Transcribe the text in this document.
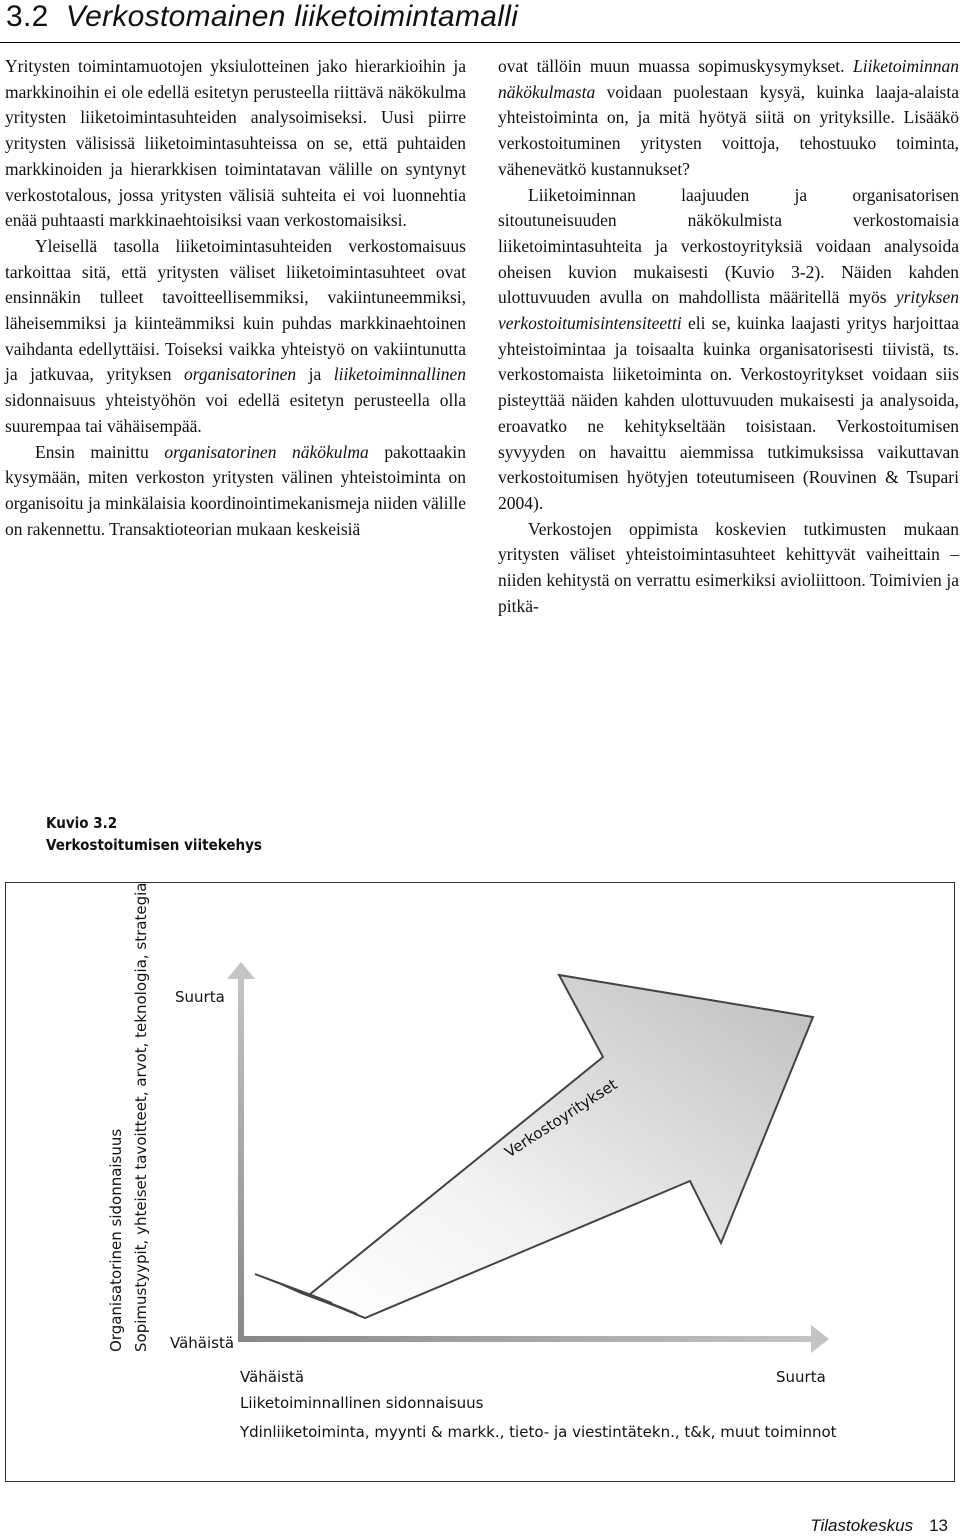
3.2 Verkostomainen liiketoimintamalli

Yritysten toimintamuotojen yksiulotteinen jako hierarkioihin ja markkinoihin ei ole edellä esitetyn perusteella riittävä näkökulma yritysten liiketoimintasuhteiden analysoimiseksi. Uusi piirre yritysten välisissä liiketoimintasuhteissa on se, että puhtaiden markkinoiden ja hierarkkisen toimintatavan välille on syntynyt verkostotalous, jossa yritysten välisiä suhteita ei voi luonnehtia enää puhtaasti markkinaehtoisiksi vaan verkostomaisiksi.

Yleisellä tasolla liiketoimintasuhteiden verkostomaisuus tarkoittaa sitä, että yritysten väliset liiketoimintasuhteet ovat ensinnäkin tulleet tavoitteellisemmiksi, vakiintuneemmiksi, läheisemmiksi ja kiinteämmiksi kuin puhdas markkinaehtoinen vaihdanta edellyttäisi. Toiseksi vaikka yhteistyö on vakiintunutta ja jatkuvaa, yrityksen organisatorinen ja liiketoiminnallinen sidonnaisuus yhteistyöhön voi edellä esitetyn perusteella olla suurempaa tai vähäisempää.

Ensin mainittu organisatorinen näkökulma pakottaakin kysymään, miten verkoston yritysten välinen yhteistoiminta on organisoitu ja minkälaisia koordinointimekanismeja niiden välille on rakennettu. Transaktioteorian mukaan keskeisiä

ovat tällöin muun muassa sopimuskysymykset. Liiketoiminnan näkökulmasta voidaan puolestaan kysyä, kuinka laaja-alaista yhteistoiminta on, ja mitä hyötyä siitä on yrityksille. Lisääkö verkostoituminen yritysten voittoja, tehostuuko toiminta, vähenevätkö kustannukset?

Liiketoiminnan laajuuden ja organisatorisen sitoutuneisuuden näkökulmista verkostomaisia liiketoimintasuhteita ja verkostoyrityksiä voidaan analysoida oheisen kuvion mukaisesti (Kuvio 3-2). Näiden kahden ulottuvuuden avulla on mahdollista määritellä myös yrityksen verkostoitumisintensiteetti eli se, kuinka laajasti yritys harjoittaa yhteistoimintaa ja toisaalta kuinka organisatorisesti tiivistä, ts. verkostomaista liiketoiminta on. Verkostoyritykset voidaan siis pisteyttää näiden kahden ulottuvuuden mukaisesti ja analysoida, eroavatko ne kehitykseltään toisistaan. Verkostoitumisen syvyyden on havaittu aiemmissa tutkimuksissa vaikuttavan verkostoitumisen hyötyjen toteutumiseen (Rouvinen & Tsupari 2004).

Verkostojen oppimista koskevien tutkimusten mukaan yritysten väliset yhteistoimintasuhteet kehittyvät vaiheittain – niiden kehitystä on verrattu esimerkiksi avioliittoon. Toimivien ja pitkä-

Kuvio 3.2
Verkostoitumisen viitekehys
Verkostoyritykset
Organisatorinen sidonnaisuus Sopimustyypit, yhteiset tavoitteet, arvot, teknologia, strategia Suurta
Vähäistä
Vähäistä	Suurta
Liiketoiminnallinen sidonnaisuus
Ydinliiketoiminta, myynti & markk., tieto- ja viestintätekn., t&k, muut toiminnot
Tilastokeskus 13
